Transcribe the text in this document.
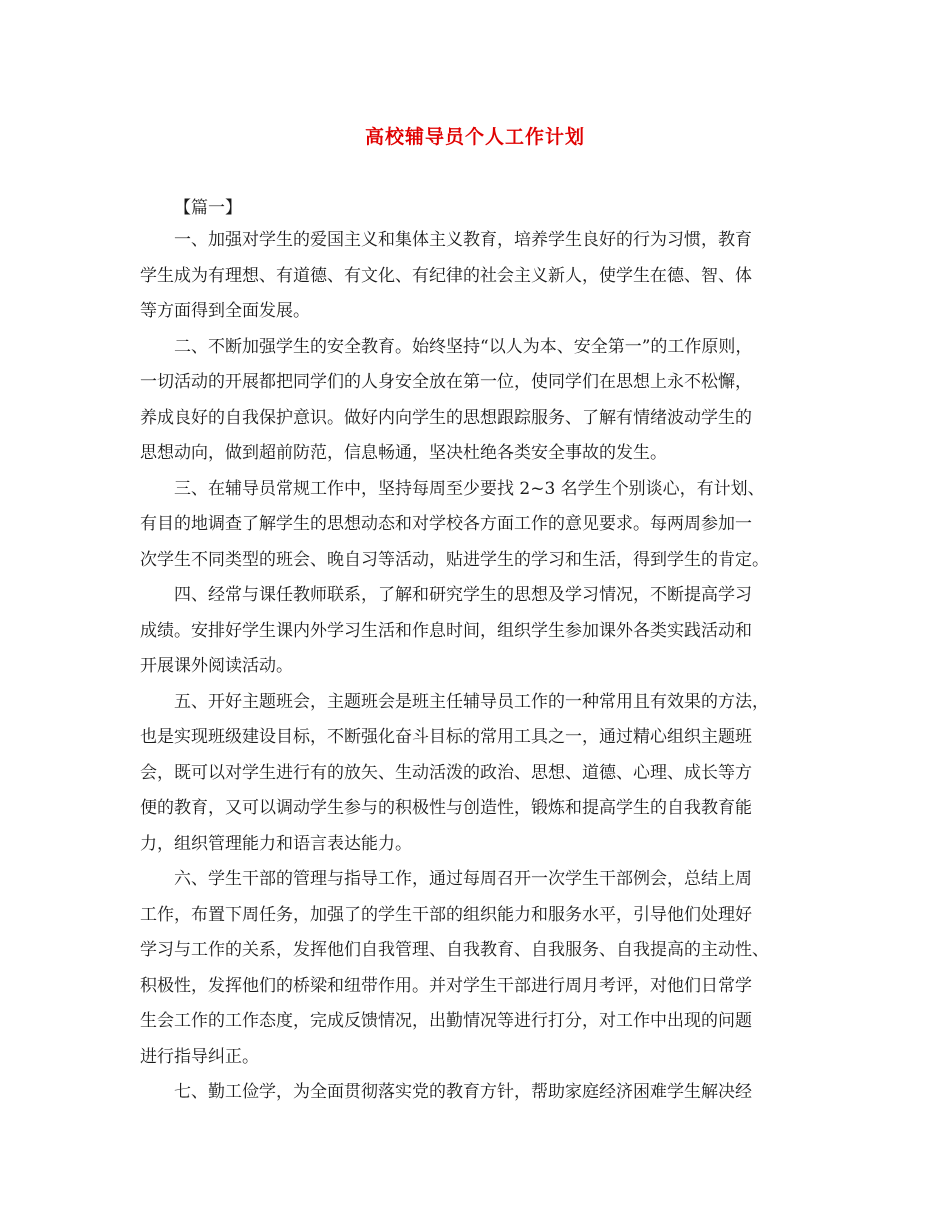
高校辅导员个人工作计划
【篇一】
一、加强对学生的爱国主义和集体主义教育，培养学生良好的行为习惯，教育
学生成为有理想、有道德、有文化、有纪律的社会主义新人，使学生在德、智、体
等方面得到全面发展。
二、不断加强学生的安全教育。始终坚持“以人为本、安全第一”的工作原则，
一切活动的开展都把同学们的人身安全放在第一位，使同学们在思想上永不松懈，
养成良好的自我保护意识。做好内向学生的思想跟踪服务、了解有情绪波动学生的
思想动向，做到超前防范，信息畅通，坚决杜绝各类安全事故的发生。
三、在辅导员常规工作中，坚持每周至少要找 2~3 名学生个别谈心，有计划、
有目的地调查了解学生的思想动态和对学校各方面工作的意见要求。每两周参加一
次学生不同类型的班会、晚自习等活动，贴进学生的学习和生活，得到学生的肯定。
四、经常与课任教师联系，了解和研究学生的思想及学习情况，不断提高学习
成绩。安排好学生课内外学习生活和作息时间，组织学生参加课外各类实践活动和
开展课外阅读活动。
五、开好主题班会，主题班会是班主任辅导员工作的一种常用且有效果的方法，
也是实现班级建设目标，不断强化奋斗目标的常用工具之一，通过精心组织主题班
会，既可以对学生进行有的放矢、生动活泼的政治、思想、道德、心理、成长等方
便的教育，又可以调动学生参与的积极性与创造性，锻炼和提高学生的自我教育能
力，组织管理能力和语言表达能力。
六、学生干部的管理与指导工作，通过每周召开一次学生干部例会，总结上周
工作，布置下周任务，加强了的学生干部的组织能力和服务水平，引导他们处理好
学习与工作的关系，发挥他们自我管理、自我教育、自我服务、自我提高的主动性、
积极性，发挥他们的桥梁和纽带作用。并对学生干部进行周月考评，对他们日常学
生会工作的工作态度，完成反馈情况，出勤情况等进行打分，对工作中出现的问题
进行指导纠正。
七、勤工俭学，为全面贯彻落实党的教育方针，帮助家庭经济困难学生解决经
